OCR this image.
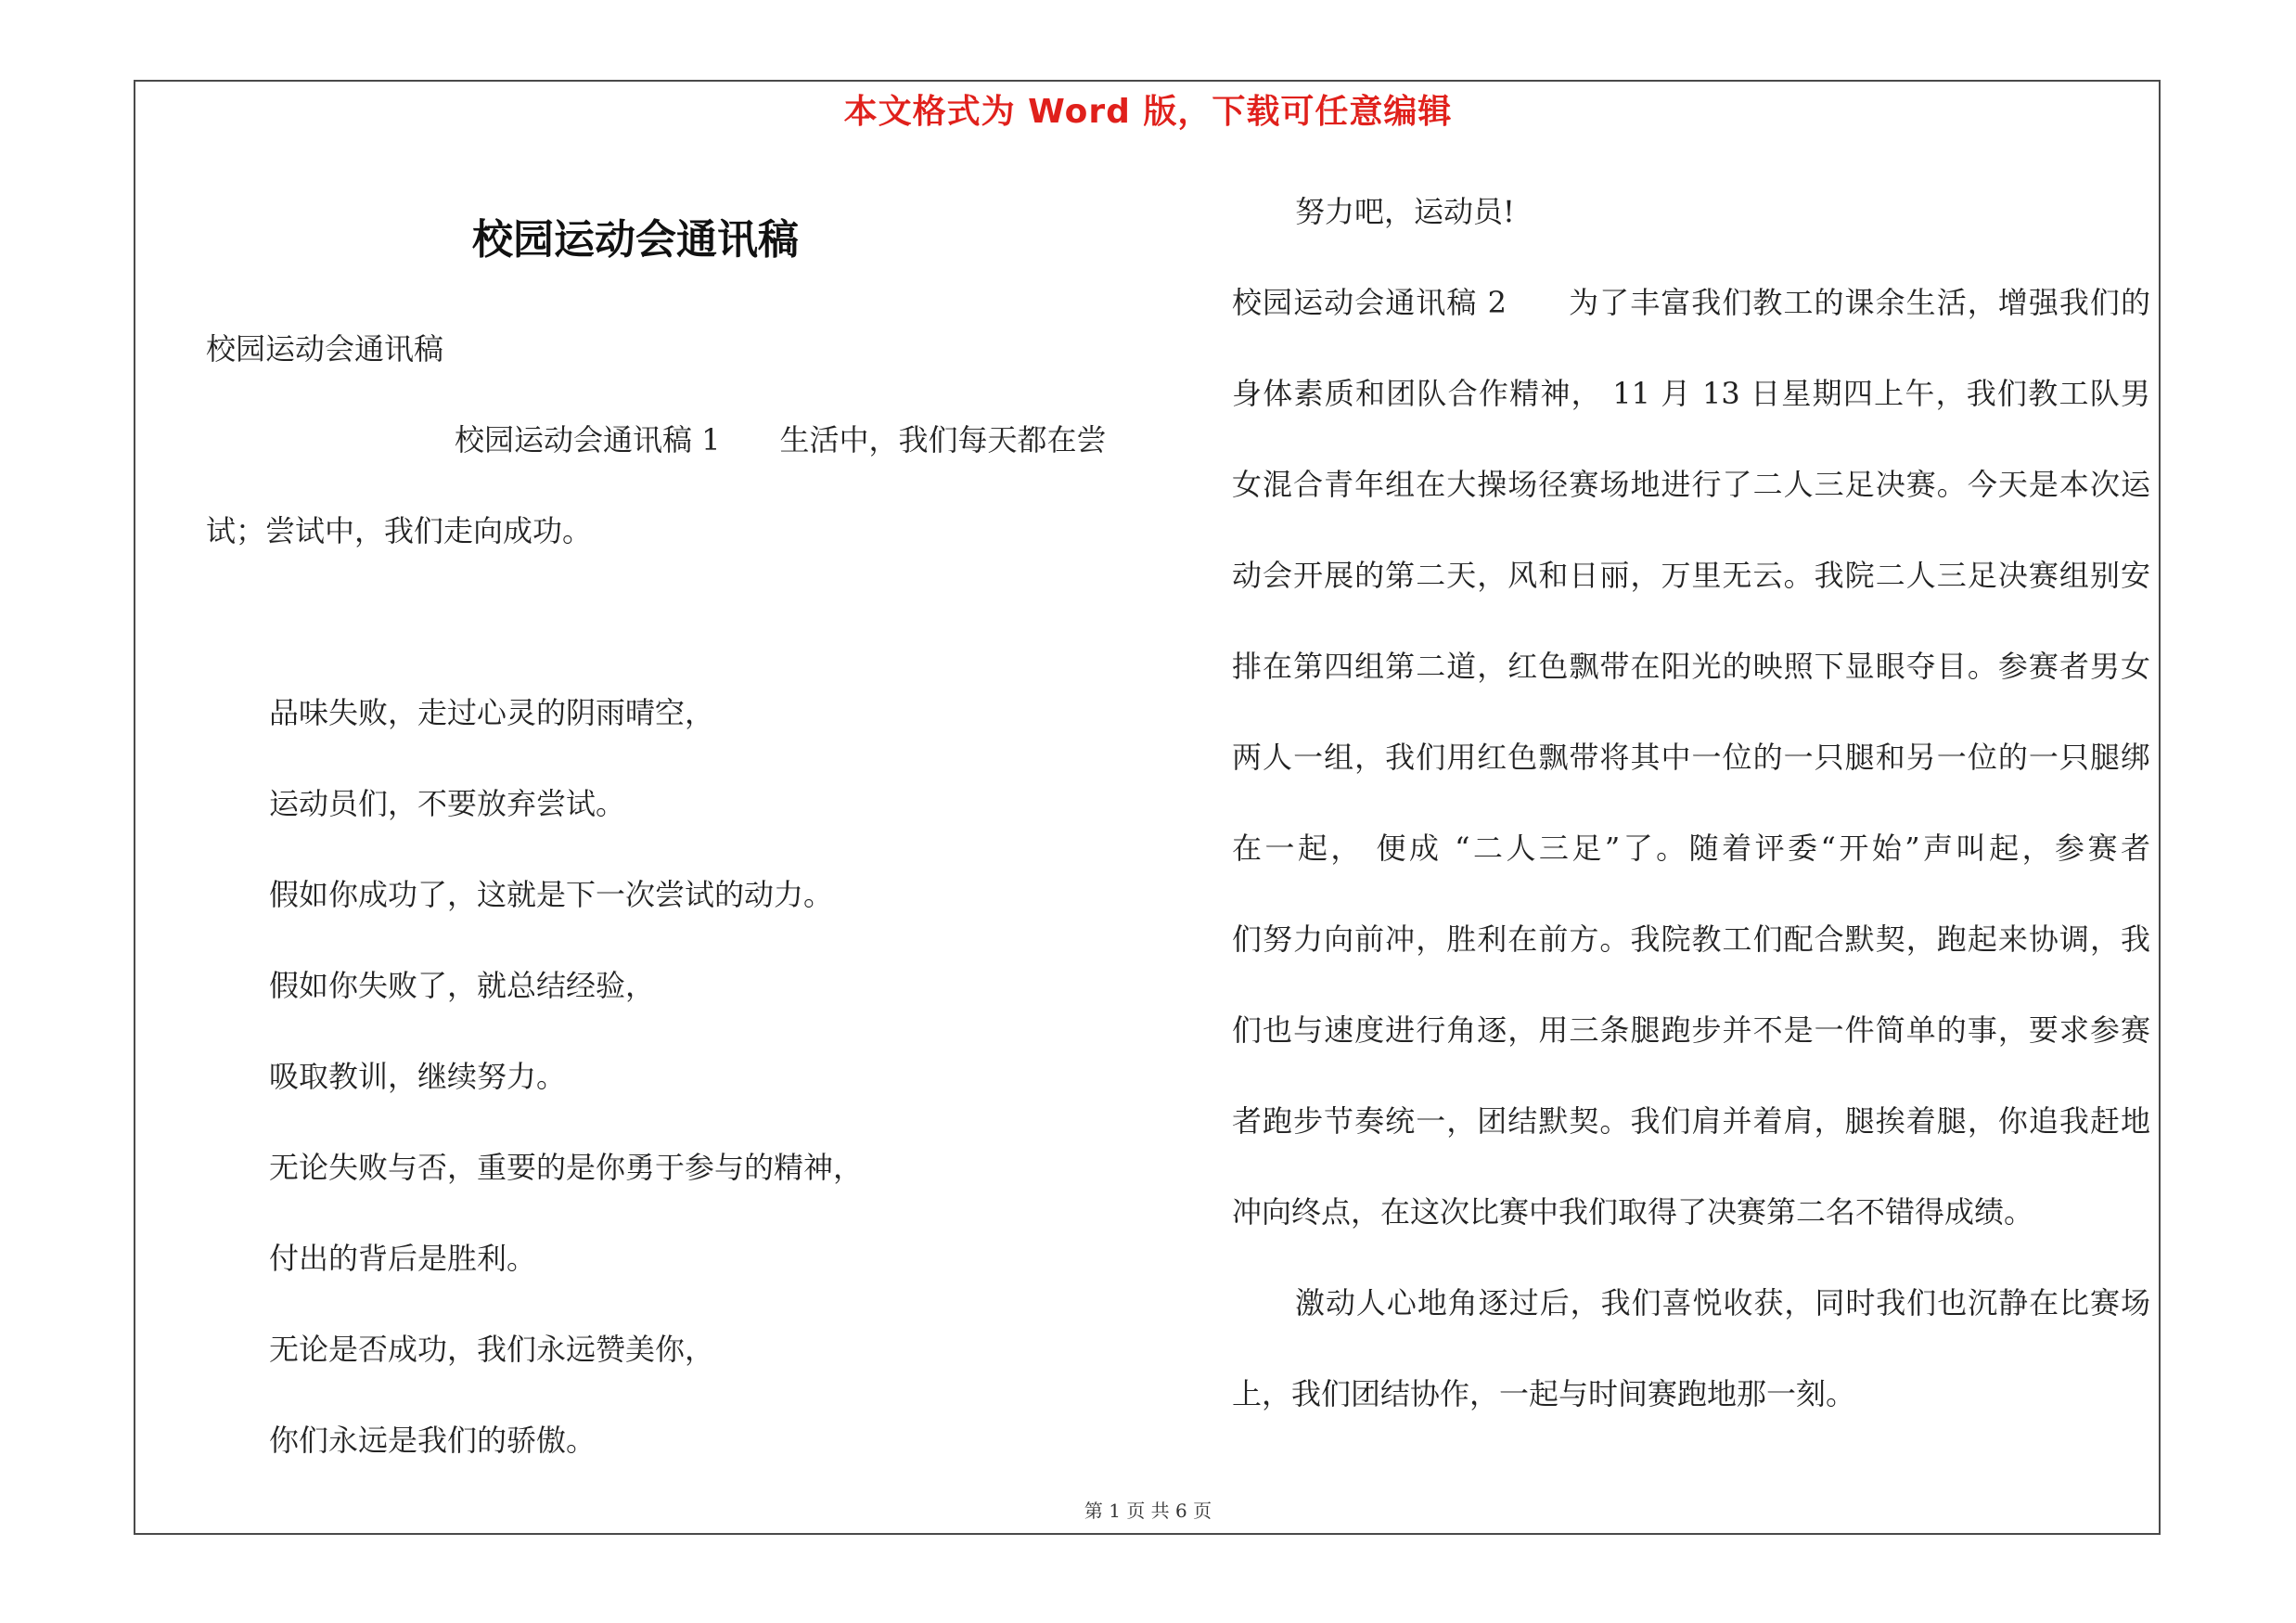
本文格式为 Word 版，下载可任意编辑
校园运动会通讯稿
校园运动会通讯稿
校园运动会通讯稿 1　　生活中，我们每天都在尝
试；尝试中，我们走向成功。
品味失败，走过心灵的阴雨晴空，
运动员们，不要放弃尝试。
假如你成功了，这就是下一次尝试的动力。
假如你失败了，就总结经验，
吸取教训，继续努力。
无论失败与否，重要的是你勇于参与的精神，
付出的背后是胜利。
无论是否成功，我们永远赞美你，
你们永远是我们的骄傲。
努力吧，运动员!
校园运动会通讯稿 2　　为了丰富我们教工的课余生活，增强我们的
身体素质和团队合作精神， 11 月 13 日星期四上午，我们教工队男
女混合青年组在大操场径赛场地进行了二人三足决赛。今天是本次运
动会开展的第二天，风和日丽，万里无云。我院二人三足决赛组别安
排在第四组第二道，红色飘带在阳光的映照下显眼夺目。参赛者男女
两人一组，我们用红色飘带将其中一位的一只腿和另一位的一只腿绑
在一起， 便成 “二人三足”了。随着评委“开始”声叫起，参赛者
们努力向前冲，胜利在前方。我院教工们配合默契，跑起来协调，我
们也与速度进行角逐，用三条腿跑步并不是一件简单的事，要求参赛
者跑步节奏统一，团结默契。我们肩并着肩，腿挨着腿，你追我赶地
冲向终点，在这次比赛中我们取得了决赛第二名不错得成绩。
激动人心地角逐过后，我们喜悦收获，同时我们也沉静在比赛场
上，我们团结协作，一起与时间赛跑地那一刻。
第 1 页 共 6 页
